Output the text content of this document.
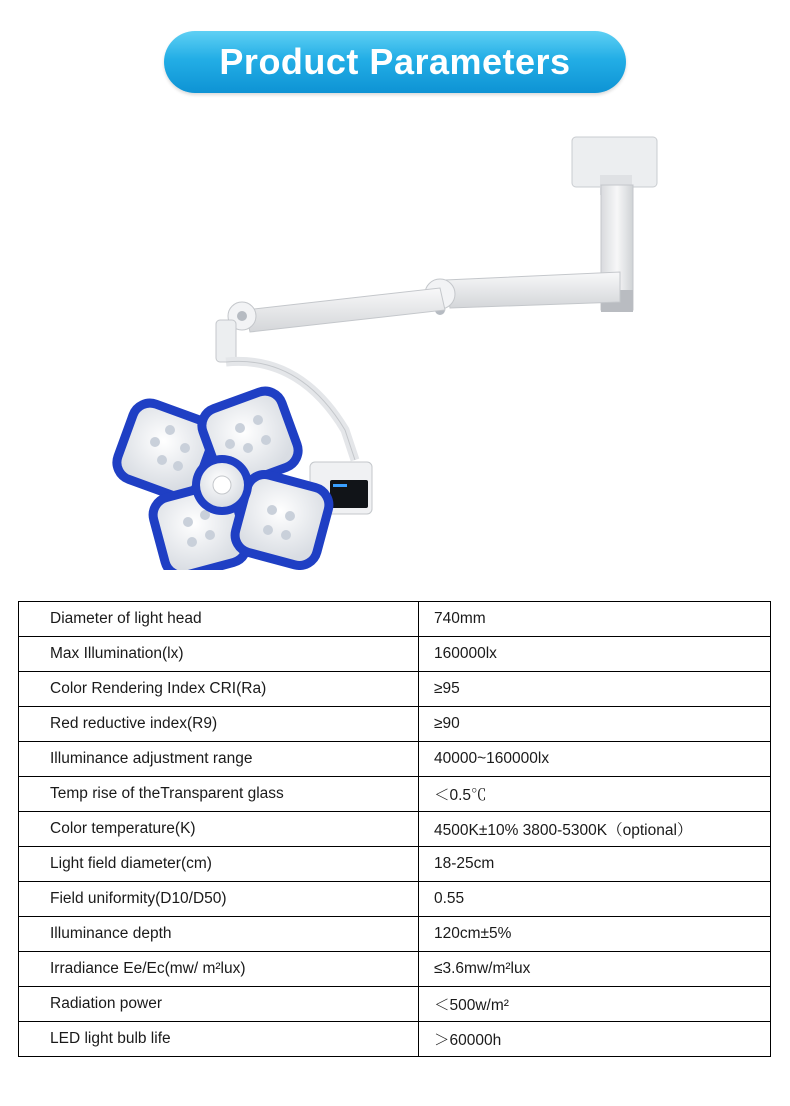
Product Parameters
Diameter of light head	740mm
Max Illumination(lx)	160000lx
Color Rendering Index CRI(Ra)	≥95
Red reductive index(R9)	≥90
Illuminance adjustment range	40000~160000lx
Temp rise of theTransparent glass	＜0.5℃
Color temperature(K)	4500K±10% 3800-5300K（optional）
Light field diameter(cm)	18-25cm
Field uniformity(D10/D50)	0.55
Illuminance depth	120cm±5%
Irradiance Ee/Ec(mw/ m²lux)	≤3.6mw/m²lux
Radiation power	＜500w/m²
LED light bulb life	＞60000h
